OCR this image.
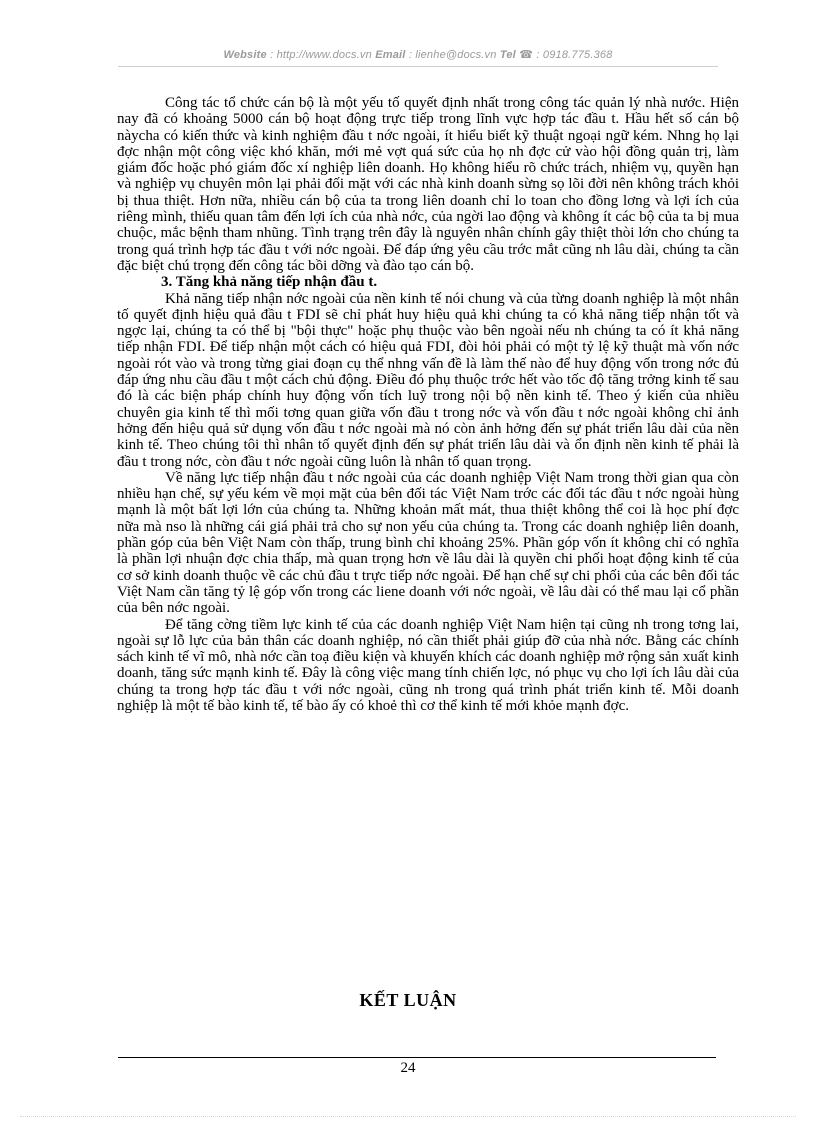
Website : http://www.docs.vn Email : lienhe@docs.vn Tel ☎ : 0918.775.368

Công tác tổ chức cán bộ là một yếu tố quyết định nhất trong công tác quản lý nhà nước. Hiện nay đã có khoảng 5000 cán bộ hoạt động trực tiếp trong lĩnh vực hợp tác đầu t. Hầu hết số cán bộ nàycha có kiến thức và kinh nghiệm đầu t nớc ngoài, ít hiểu biết kỹ thuật ngoại ngữ kém. Nhng họ lại đợc nhận một công việc khó khăn, mới mẻ vợt quá sức của họ nh đợc cử vào hội đồng quản trị, làm giám đốc hoặc phó giám đốc xí nghiệp liên doanh. Họ không hiểu rõ chức trách, nhiệm vụ, quyền hạn và nghiệp vụ chuyên môn lại phải đối mặt với các nhà kinh doanh sừng sọ lõi đời nên không trách khỏi bị thua thiệt. Hơn nữa, nhiều cán bộ của ta trong liên doanh chỉ lo toan cho đồng lơng và lợi ích của riêng mình, thiếu quan tâm đến lợi ích của nhà nớc, của ngời lao động và không ít các bộ của ta bị mua chuộc, mắc bệnh tham nhũng. Tình trạng trên đây là nguyên nhân chính gây thiệt thòi lớn cho chúng ta trong quá trình hợp tác đầu t với nớc ngoài. Để đáp ứng yêu cầu trớc mắt cũng nh lâu dài, chúng ta cần đặc biệt chú trọng đến công tác bồi dỡng và đào tạo cán bộ.

3. Tăng khả năng tiếp nhận đầu t.

Khả năng tiếp nhận nớc ngoài của nền kinh tế nói chung và của từng doanh nghiệp là một nhân tố quyết định hiệu quả đầu t FDI sẽ chỉ phát huy hiệu quả khi chúng ta có khả năng tiếp nhận tốt và ngợc lại, chúng ta có thể bị "bội thực" hoặc phụ thuộc vào bên ngoài nếu nh chúng ta có ít khả năng tiếp nhận FDI. Để tiếp nhận một cách có hiệu quả FDI, đòi hỏi phải có một tỷ lệ kỹ thuật mà vốn nớc ngoài rót vào và trong từng giai đoạn cụ thể nhng vấn đề là làm thế nào để huy động vốn trong nớc đủ đáp ứng nhu cầu đầu t một cách chủ động. Điều đó phụ thuộc trớc hết vào tốc độ tăng trởng kinh tế sau đó là các biện pháp chính huy động vốn tích luỹ trong nội bộ nền kinh tế. Theo ý kiến của nhiều chuyên gia kinh tế thì mối tơng quan giữa vốn đầu t trong nớc và vốn đầu t nớc ngoài không chỉ ảnh hởng đến hiệu quả sử dụng vốn đầu t nớc ngoài mà nó còn ảnh hởng đến sự phát triển lâu dài của nền kinh tế. Theo chúng tôi thì nhân tố quyết định đến sự phát triển lâu dài và ổn định nền kinh tế phải là đầu t trong nớc, còn đầu t nớc ngoài cũng luôn là nhân tố quan trọng.

Về năng lực tiếp nhận đầu t nớc ngoài của các doanh nghiệp Việt Nam trong thời gian qua còn nhiều hạn chế, sự yếu kém về mọi mặt của bên đối tác Việt Nam trớc các đối tác đầu t nớc ngoài hùng mạnh là một bất lợi lớn của chúng ta. Những khoản mất mát, thua thiệt không thể coi là học phí đợc nữa mà nso là những cái giá phải trả cho sự non yếu của chúng ta. Trong các doanh nghiệp liên doanh, phần góp của bên Việt Nam còn thấp, trung bình chỉ khoảng 25%. Phần góp vốn ít không chỉ có nghĩa là phần lợi nhuận đợc chia thấp, mà quan trọng hơn về lâu dài là quyền chi phối hoạt động kinh tế của cơ sở kinh doanh thuộc về các chủ đầu t trực tiếp nớc ngoài. Để hạn chế sự chi phối của các bên đối tác Việt Nam cần tăng tỷ lệ góp vốn trong các liene doanh với nớc ngoài, về lâu dài có thể mau lại cổ phần của bên nớc ngoài.

Để tăng cờng tiềm lực kinh tế của các doanh nghiệp Việt Nam hiện tại cũng nh trong tơng lai, ngoài sự lỗ lực của bản thân các doanh nghiệp, nó cần thiết phải giúp đỡ của nhà nớc. Bằng các chính sách kinh tế vĩ mô, nhà nớc cần toạ điều kiện và khuyến khích các doanh nghiệp mở rộng sản xuất kinh doanh, tăng sức mạnh kinh tế. Đây là công việc mang tính chiến lợc, nó phục vụ cho lợi ích lâu dài của chúng ta trong hợp tác đầu t với nớc ngoài, cũng nh trong quá trình phát triển kinh tế. Mỗi doanh nghiệp là một tế bào kinh tế, tế bào ấy có khoẻ thì cơ thể kinh tế mới khỏe mạnh đợc.

KẾT LUẬN
24
